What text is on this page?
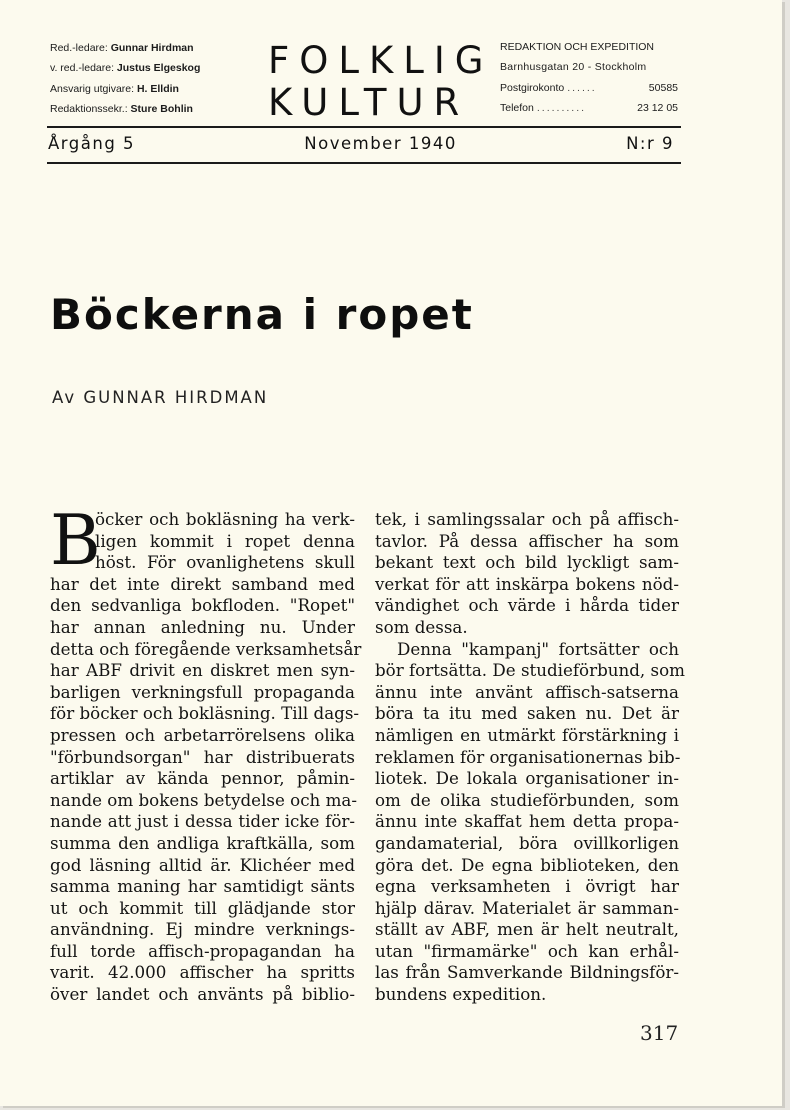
Red.-ledare: Gunnar Hirdman
v. red.-ledare: Justus Elgeskog
Ansvarig utgivare: H. Elldin
Redaktionssekr.: Sture Bohlin
FOLKLIG
KULTUR
REDAKTION OCH EXPEDITION
Barnhusgatan 20 - Stockholm
Postgirokonto ......	50585
Telefon ..........	23 12 05
Årgång 5	November 1940	N:r 9
Böckerna i ropet
Av GUNNAR HIRDMAN
B
öcker och bokläsning ha verk-
ligen kommit i ropet denna
höst. För ovanlighetens skull
har det inte direkt samband med
den sedvanliga bokfloden. "Ropet"
har annan anledning nu. Under
detta och föregående verksamhetsår
har ABF drivit en diskret men syn-
barligen verkningsfull propaganda
för böcker och bokläsning. Till dags-
pressen och arbetarrörelsens olika
"förbundsorgan" har distribuerats
artiklar av kända pennor, påmin-
nande om bokens betydelse och ma-
nande att just i dessa tider icke för-
summa den andliga kraftkälla, som
god läsning alltid är. Klichéer med
samma maning har samtidigt sänts
ut och kommit till glädjande stor
användning. Ej mindre verknings-
full torde affisch-propagandan ha
varit. 42.000 affischer ha spritts
över landet och använts på biblio-
tek, i samlingssalar och på affisch-
tavlor. På dessa affischer ha som
bekant text och bild lyckligt sam-
verkat för att inskärpa bokens nöd-
vändighet och värde i hårda tider
som dessa.
Denna "kampanj" fortsätter och
bör fortsätta. De studieförbund, som
ännu inte använt affisch-satserna
böra ta itu med saken nu. Det är
nämligen en utmärkt förstärkning i
reklamen för organisationernas bib-
liotek. De lokala organisationer in-
om de olika studieförbunden, som
ännu inte skaffat hem detta propa-
gandamaterial, böra ovillkorligen
göra det. De egna biblioteken, den
egna verksamheten i övrigt har
hjälp därav. Materialet är samman-
ställt av ABF, men är helt neutralt,
utan "firmamärke" och kan erhål-
las från Samverkande Bildningsför-
bundens expedition.
317
